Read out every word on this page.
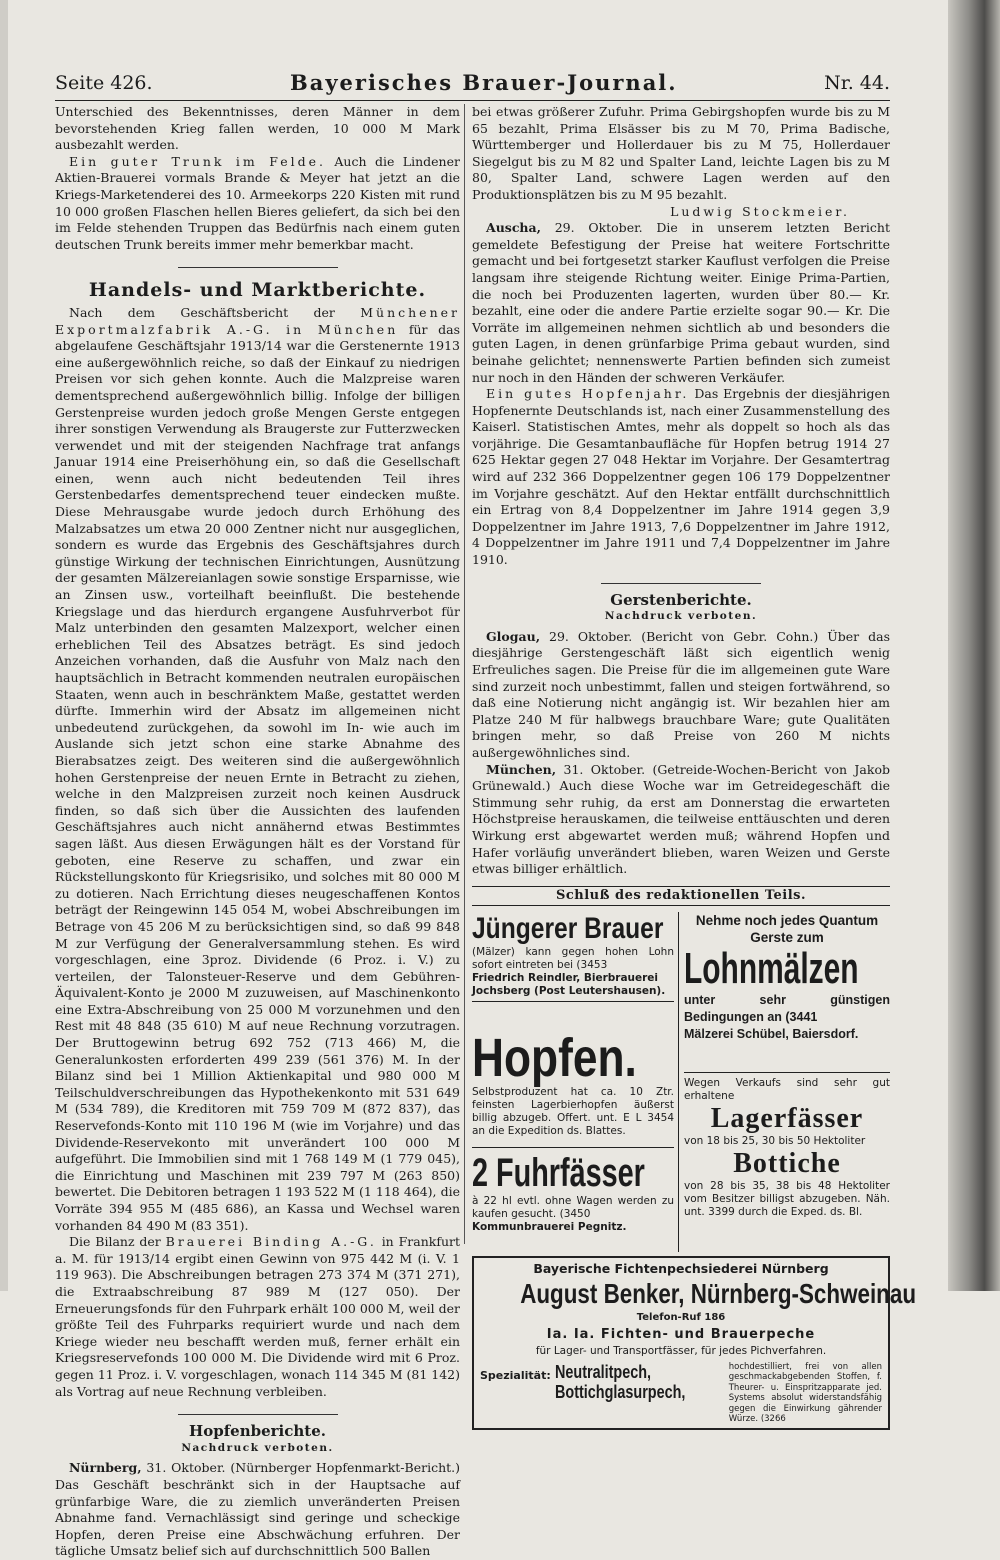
Seite 426.	Bayerisches Brauer-Journal.	Nr. 44.

Unterschied des Bekenntnisses, deren Männer in dem bevorstehenden Krieg fallen werden, 10 000 M Mark ausbezahlt werden.

Ein guter Trunk im Felde. Auch die Lindener Aktien-Brauerei vormals Brande & Meyer hat jetzt an die Kriegs-Marketenderei des 10. Armeekorps 220 Kisten mit rund 10 000 großen Flaschen hellen Bieres geliefert, da sich bei den im Felde stehenden Truppen das Bedürfnis nach einem guten deutschen Trunk bereits immer mehr bemerkbar macht.

Handels- und Marktberichte.

Nach dem Geschäftsbericht der Münchener Exportmalzfabrik A.-G. in München für das abgelaufene Geschäftsjahr 1913/14 war die Gerstenernte 1913 eine außergewöhnlich reiche, so daß der Einkauf zu niedrigen Preisen vor sich gehen konnte. Auch die Malzpreise waren dementsprechend außergewöhnlich billig. Infolge der billigen Gerstenpreise wurden jedoch große Mengen Gerste entgegen ihrer sonstigen Verwendung als Braugerste zur Futterzwecken verwendet und mit der steigenden Nachfrage trat anfangs Januar 1914 eine Preiserhöhung ein, so daß die Gesellschaft einen, wenn auch nicht bedeutenden Teil ihres Gerstenbedarfes dementsprechend teuer eindecken mußte. Diese Mehrausgabe wurde jedoch durch Erhöhung des Malzabsatzes um etwa 20 000 Zentner nicht nur ausgeglichen, sondern es wurde das Ergebnis des Geschäftsjahres durch günstige Wirkung der technischen Einrichtungen, Ausnützung der gesamten Mälzereianlagen sowie sonstige Ersparnisse, wie an Zinsen usw., vorteilhaft beeinflußt. Die bestehende Kriegslage und das hierdurch ergangene Ausfuhrverbot für Malz unterbinden den gesamten Malzexport, welcher einen erheblichen Teil des Absatzes beträgt. Es sind jedoch Anzeichen vorhanden, daß die Ausfuhr von Malz nach den hauptsächlich in Betracht kommenden neutralen europäischen Staaten, wenn auch in beschränktem Maße, gestattet werden dürfte. Immerhin wird der Absatz im allgemeinen nicht unbedeutend zurückgehen, da sowohl im In- wie auch im Auslande sich jetzt schon eine starke Abnahme des Bierabsatzes zeigt. Des weiteren sind die außergewöhnlich hohen Gerstenpreise der neuen Ernte in Betracht zu ziehen, welche in den Malzpreisen zurzeit noch keinen Ausdruck finden, so daß sich über die Aussichten des laufenden Geschäftsjahres auch nicht annähernd etwas Bestimmtes sagen läßt. Aus diesen Erwägungen hält es der Vorstand für geboten, eine Reserve zu schaffen, und zwar ein Rückstellungskonto für Kriegsrisiko, und solches mit 80 000 M zu dotieren. Nach Errichtung dieses neugeschaffenen Kontos beträgt der Reingewinn 145 054 M, wobei Abschreibungen im Betrage von 45 206 M zu berücksichtigen sind, so daß 99 848 M zur Verfügung der Generalversammlung stehen. Es wird vorgeschlagen, eine 3proz. Dividende (6 Proz. i. V.) zu verteilen, der Talonsteuer-Reserve und dem Gebühren-Äquivalent-Konto je 2000 M zuzuweisen, auf Maschinenkonto eine Extra-Abschreibung von 25 000 M vorzunehmen und den Rest mit 48 848 (35 610) M auf neue Rechnung vorzutragen. Der Bruttogewinn betrug 692 752 (713 466) M, die Generalunkosten erforderten 499 239 (561 376) M. In der Bilanz sind bei 1 Million Aktienkapital und 980 000 M Teilschuldverschreibungen das Hypothekenkonto mit 531 649 M (534 789), die Kreditoren mit 759 709 M (872 837), das Reservefonds-Konto mit 110 196 M (wie im Vorjahre) und das Dividende-Reservekonto mit unverändert 100 000 M aufgeführt. Die Immobilien sind mit 1 768 149 M (1 779 045), die Einrichtung und Maschinen mit 239 797 M (263 850) bewertet. Die Debitoren betragen 1 193 522 M (1 118 464), die Vorräte 394 955 M (485 686), an Kassa und Wechsel waren vorhanden 84 490 M (83 351).

Die Bilanz der Brauerei Binding A.-G. in Frankfurt a. M. für 1913/14 ergibt einen Gewinn von 975 442 M (i. V. 1 119 963). Die Abschreibungen betragen 273 374 M (371 271), die Extraabschreibung 87 989 M (127 050). Der Erneuerungsfonds für den Fuhrpark erhält 100 000 M, weil der größte Teil des Fuhrparks requiriert wurde und nach dem Kriege wieder neu beschafft werden muß, ferner erhält ein Kriegsreservefonds 100 000 M. Die Dividende wird mit 6 Proz. gegen 11 Proz. i. V. vorgeschlagen, wonach 114 345 M (81 142) als Vortrag auf neue Rechnung verbleiben.

Hopfenberichte.
Nachdruck verboten.

Nürnberg, 31. Oktober. (Nürnberger Hopfenmarkt-Bericht.) Das Geschäft beschränkt sich in der Hauptsache auf grünfarbige Ware, die zu ziemlich unveränderten Preisen Abnahme fand. Vernachlässigt sind geringe und scheckige Hopfen, deren Preise eine Abschwächung erfuhren. Der tägliche Umsatz belief sich auf durchschnittlich 500 Ballen

bei etwas größerer Zufuhr. Prima Gebirgshopfen wurde bis zu M 65 bezahlt, Prima Elsässer bis zu M 70, Prima Badische, Württemberger und Hollerdauer bis zu M 75, Hollerdauer Siegelgut bis zu M 82 und Spalter Land, leichte Lagen bis zu M 80, Spalter Land, schwere Lagen werden auf den Produktionsplätzen bis zu M 95 bezahlt.

Ludwig Stockmeier.

Auscha, 29. Oktober. Die in unserem letzten Bericht gemeldete Befestigung der Preise hat weitere Fortschritte gemacht und bei fortgesetzt starker Kauflust verfolgen die Preise langsam ihre steigende Richtung weiter. Einige Prima-Partien, die noch bei Produzenten lagerten, wurden über 80.— Kr. bezahlt, eine oder die andere Partie erzielte sogar 90.— Kr. Die Vorräte im allgemeinen nehmen sichtlich ab und besonders die guten Lagen, in denen grünfarbige Prima gebaut wurden, sind beinahe gelichtet; nennenswerte Partien befinden sich zumeist nur noch in den Händen der schweren Verkäufer.

Ein gutes Hopfenjahr. Das Ergebnis der diesjährigen Hopfenernte Deutschlands ist, nach einer Zusammenstellung des Kaiserl. Statistischen Amtes, mehr als doppelt so hoch als das vorjährige. Die Gesamtanbaufläche für Hopfen betrug 1914 27 625 Hektar gegen 27 048 Hektar im Vorjahre. Der Gesamtertrag wird auf 232 366 Doppelzentner gegen 106 179 Doppelzentner im Vorjahre geschätzt. Auf den Hektar entfällt durchschnittlich ein Ertrag von 8,4 Doppelzentner im Jahre 1914 gegen 3,9 Doppelzentner im Jahre 1913, 7,6 Doppelzentner im Jahre 1912, 4 Doppelzentner im Jahre 1911 und 7,4 Doppelzentner im Jahre 1910.

Gerstenberichte.
Nachdruck verboten.

Glogau, 29. Oktober. (Bericht von Gebr. Cohn.) Über das diesjährige Gerstengeschäft läßt sich eigentlich wenig Erfreuliches sagen. Die Preise für die im allgemeinen gute Ware sind zurzeit noch unbestimmt, fallen und steigen fortwährend, so daß eine Notierung nicht angängig ist. Wir bezahlen hier am Platze 240 M für halbwegs brauchbare Ware; gute Qualitäten bringen mehr, so daß Preise von 260 M nichts außergewöhnliches sind.

München, 31. Oktober. (Getreide-Wochen-Bericht von Jakob Grünewald.) Auch diese Woche war im Getreidegeschäft die Stimmung sehr ruhig, da erst am Donnerstag die erwarteten Höchstpreise herauskamen, die teilweise enttäuschten und deren Wirkung erst abgewartet werden muß; während Hopfen und Hafer vorläufig unverändert blieben, waren Weizen und Gerste etwas billiger erhältlich.

Schluß des redaktionellen Teils.
Jüngerer Brauer
(Mälzer) kann gegen hohen Lohn sofort eintreten bei (3453
Friedrich Reindler, Bierbrauerei
Jochsberg (Post Leutershausen).
Hopfen.
Selbstproduzent hat ca. 10 Ztr. feinsten Lagerbierhopfen äußerst billig abzugeb. Offert. unt. E L 3454 an die Expedition ds. Blattes.
2 Fuhrfässer
à 22 hl evtl. ohne Wagen werden zu kaufen gesucht. (3450
Kommunbrauerei Pegnitz.
Nehme noch jedes Quantum Gerste zum
Lohnmälzen
unter sehr günstigen Bedingungen an (3441
Mälzerei Schübel, Baiersdorf.
Wegen Verkaufs sind sehr gut erhaltene
Lagerfässer
von 18 bis 25, 30 bis 50 Hektoliter
Bottiche
von 28 bis 35, 38 bis 48 Hektoliter vom Besitzer billigst abzugeben. Näh. unt. 3399 durch die Exped. ds. Bl.
Bayerische Fichtenpechsiederei Nürnberg
August Benker, Nürnberg-Schweinau
Telefon-Ruf 186
Ia. Ia. Fichten- und Brauerpeche
für Lager- und Transportfässer, für jedes Pichverfahren.
Spezialität: Neutralitpech,
Bottichglasurpech,
hochdestilliert, frei von allen geschmackabgebenden Stoffen, f. Theurer- u. Einspritzapparate jed. Systems absolut widerstandsfähig gegen die Einwirkung gährender Würze. (3266
